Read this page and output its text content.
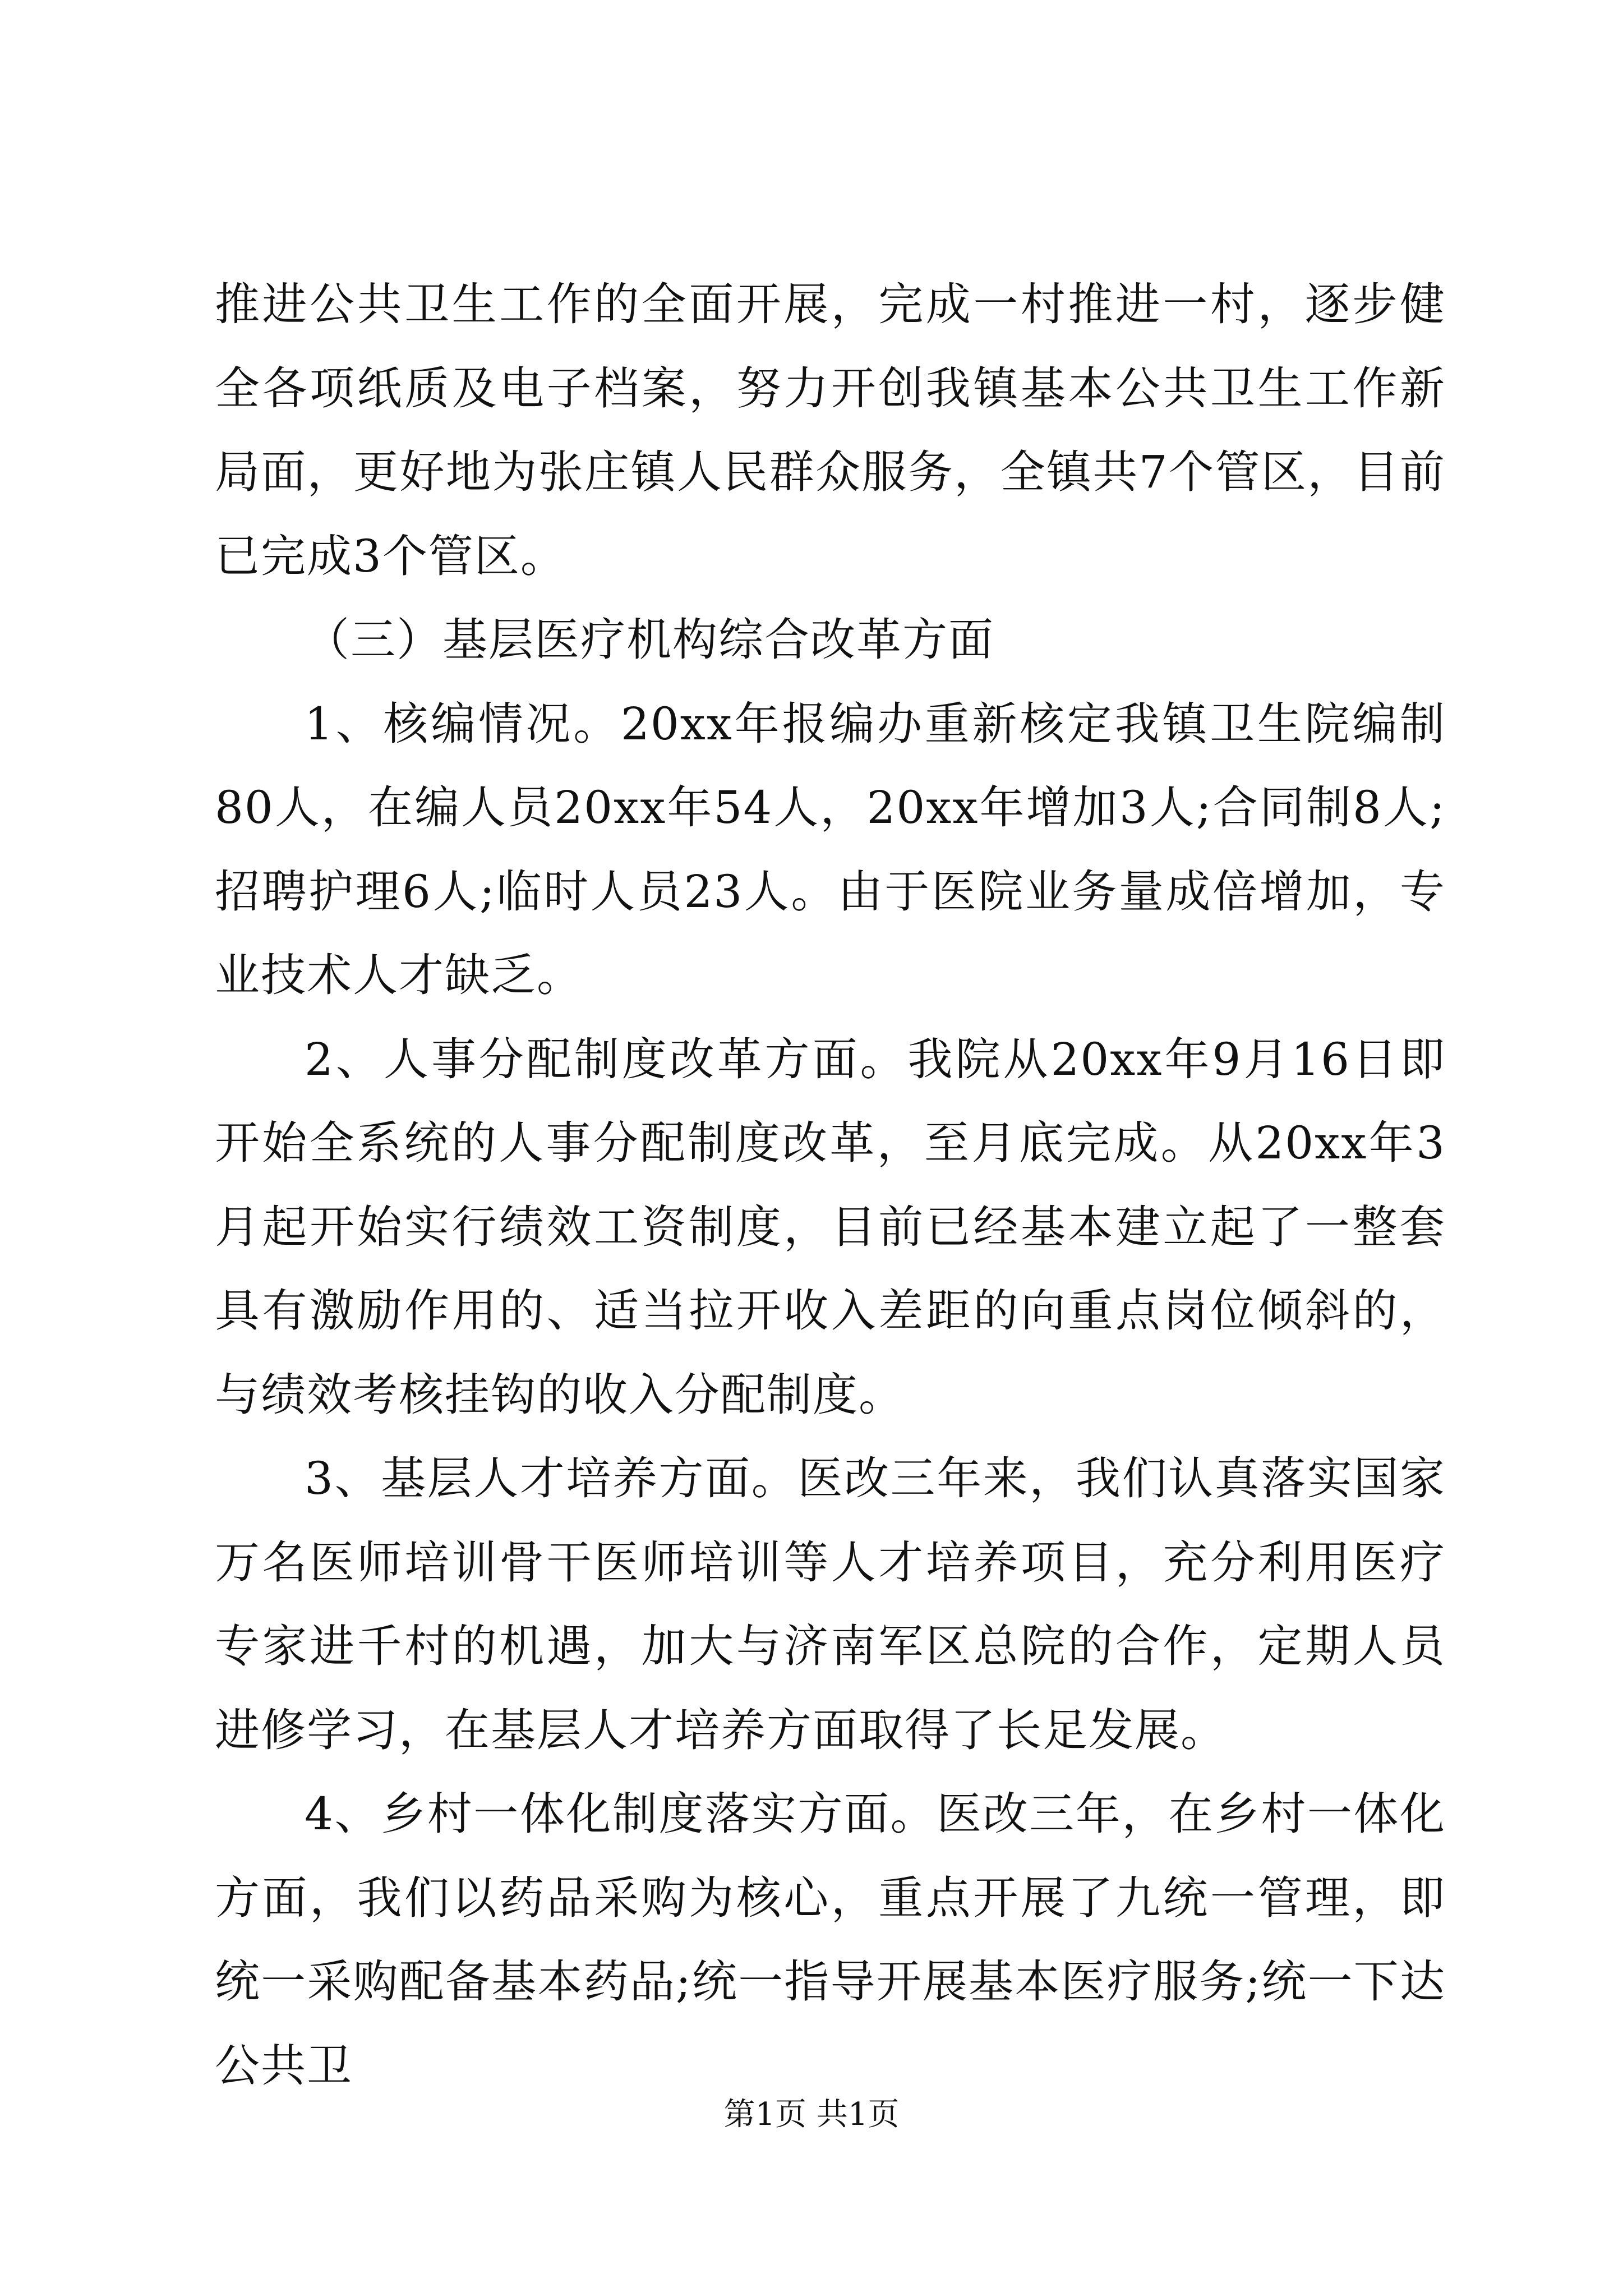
推进公共卫生工作的全面开展，完成一村推进一村，逐步健全各项纸质及电子档案，努力开创我镇基本公共卫生工作新局面，更好地为张庄镇人民群众服务，全镇共7个管区，目前已完成3个管区。

（三）基层医疗机构综合改革方面

1、核编情况。20xx年报编办重新核定我镇卫生院编制80人，在编人员20xx年54人，20xx年增加3人;合同制8人;招聘护理6人;临时人员23人。由于医院业务量成倍增加，专业技术人才缺乏。

2、人事分配制度改革方面。我院从20xx年9月16日即开始全系统的人事分配制度改革，至月底完成。从20xx年3月起开始实行绩效工资制度，目前已经基本建立起了一整套具有激励作用的、适当拉开收入差距的向重点岗位倾斜的，与绩效考核挂钩的收入分配制度。

3、基层人才培养方面。医改三年来，我们认真落实国家万名医师培训骨干医师培训等人才培养项目，充分利用医疗专家进千村的机遇，加大与济南军区总院的合作，定期人员进修学习，在基层人才培养方面取得了长足发展。

4、乡村一体化制度落实方面。医改三年，在乡村一体化方面，我们以药品采购为核心，重点开展了九统一管理，即统一采购配备基本药品;统一指导开展基本医疗服务;统一下达公共卫

第1页 共1页
